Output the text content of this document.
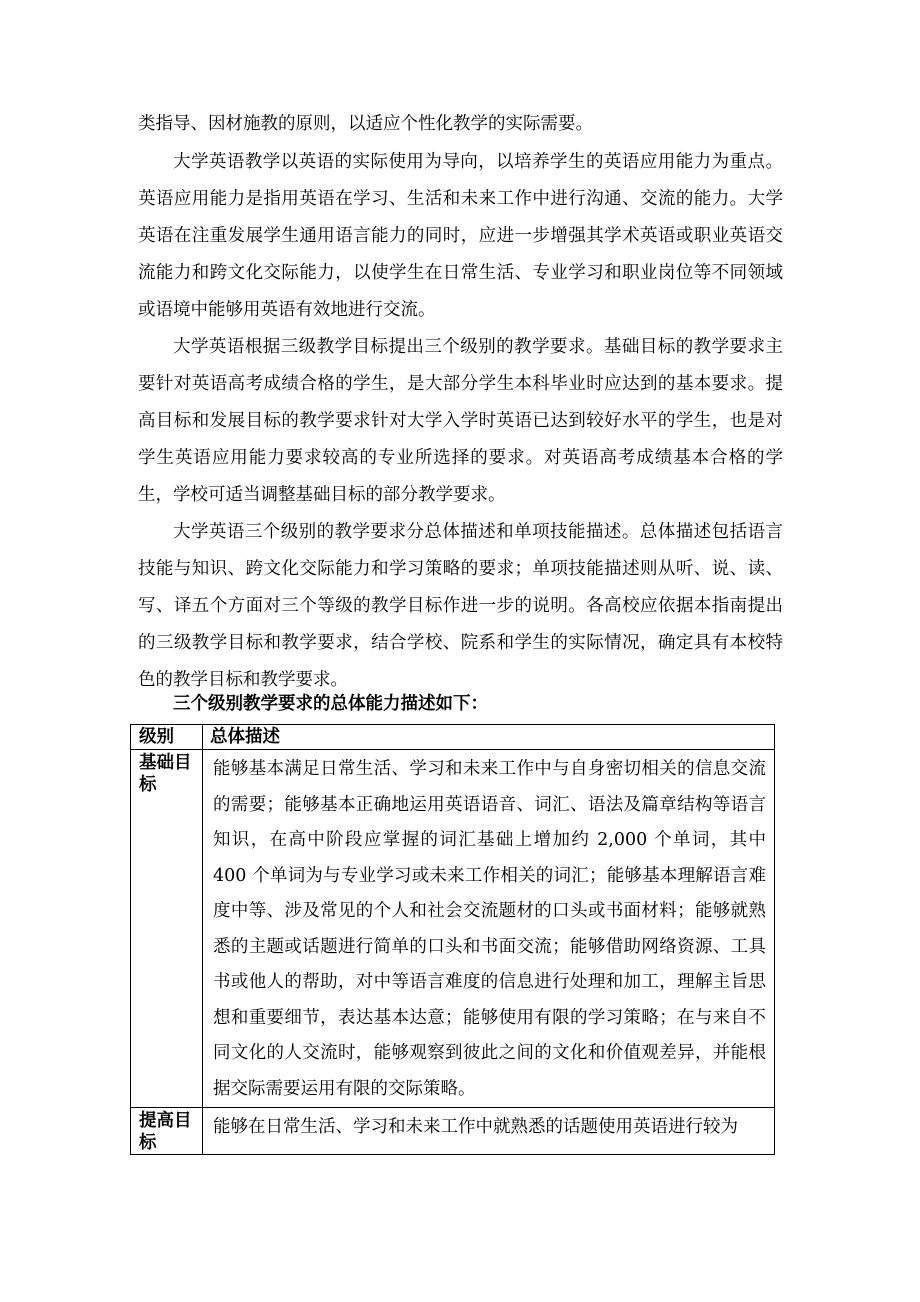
类指导、因材施教的原则，以适应个性化教学的实际需要。

大学英语教学以英语的实际使用为导向，以培养学生的英语应用能力为重点。英语应用能力是指用英语在学习、生活和未来工作中进行沟通、交流的能力。大学英语在注重发展学生通用语言能力的同时，应进一步增强其学术英语或职业英语交流能力和跨文化交际能力，以使学生在日常生活、专业学习和职业岗位等不同领域或语境中能够用英语有效地进行交流。

大学英语根据三级教学目标提出三个级别的教学要求。基础目标的教学要求主要针对英语高考成绩合格的学生，是大部分学生本科毕业时应达到的基本要求。提高目标和发展目标的教学要求针对大学入学时英语已达到较好水平的学生，也是对学生英语应用能力要求较高的专业所选择的要求。对英语高考成绩基本合格的学生，学校可适当调整基础目标的部分教学要求。

大学英语三个级别的教学要求分总体描述和单项技能描述。总体描述包括语言技能与知识、跨文化交际能力和学习策略的要求；单项技能描述则从听、说、读、写、译五个方面对三个等级的教学目标作进一步的说明。各高校应依据本指南提出的三级教学目标和教学要求，结合学校、院系和学生的实际情况，确定具有本校特色的教学目标和教学要求。

三个级别教学要求的总体能力描述如下：

级别	总体描述
基础目标	能够基本满足日常生活、学习和未来工作中与自身密切相关的信息交流的需要；能够基本正确地运用英语语音、词汇、语法及篇章结构等语言知识，在高中阶段应掌握的词汇基础上增加约 2,000 个单词，其中 400 个单词为与专业学习或未来工作相关的词汇；能够基本理解语言难度中等、涉及常见的个人和社会交流题材的口头或书面材料；能够就熟悉的主题或话题进行简单的口头和书面交流；能够借助网络资源、工具书或他人的帮助，对中等语言难度的信息进行处理和加工，理解主旨思想和重要细节，表达基本达意；能够使用有限的学习策略；在与来自不同文化的人交流时，能够观察到彼此之间的文化和价值观差异，并能根据交际需要运用有限的交际策略。
提高目标	能够在日常生活、学习和未来工作中就熟悉的话题使用英语进行较为
